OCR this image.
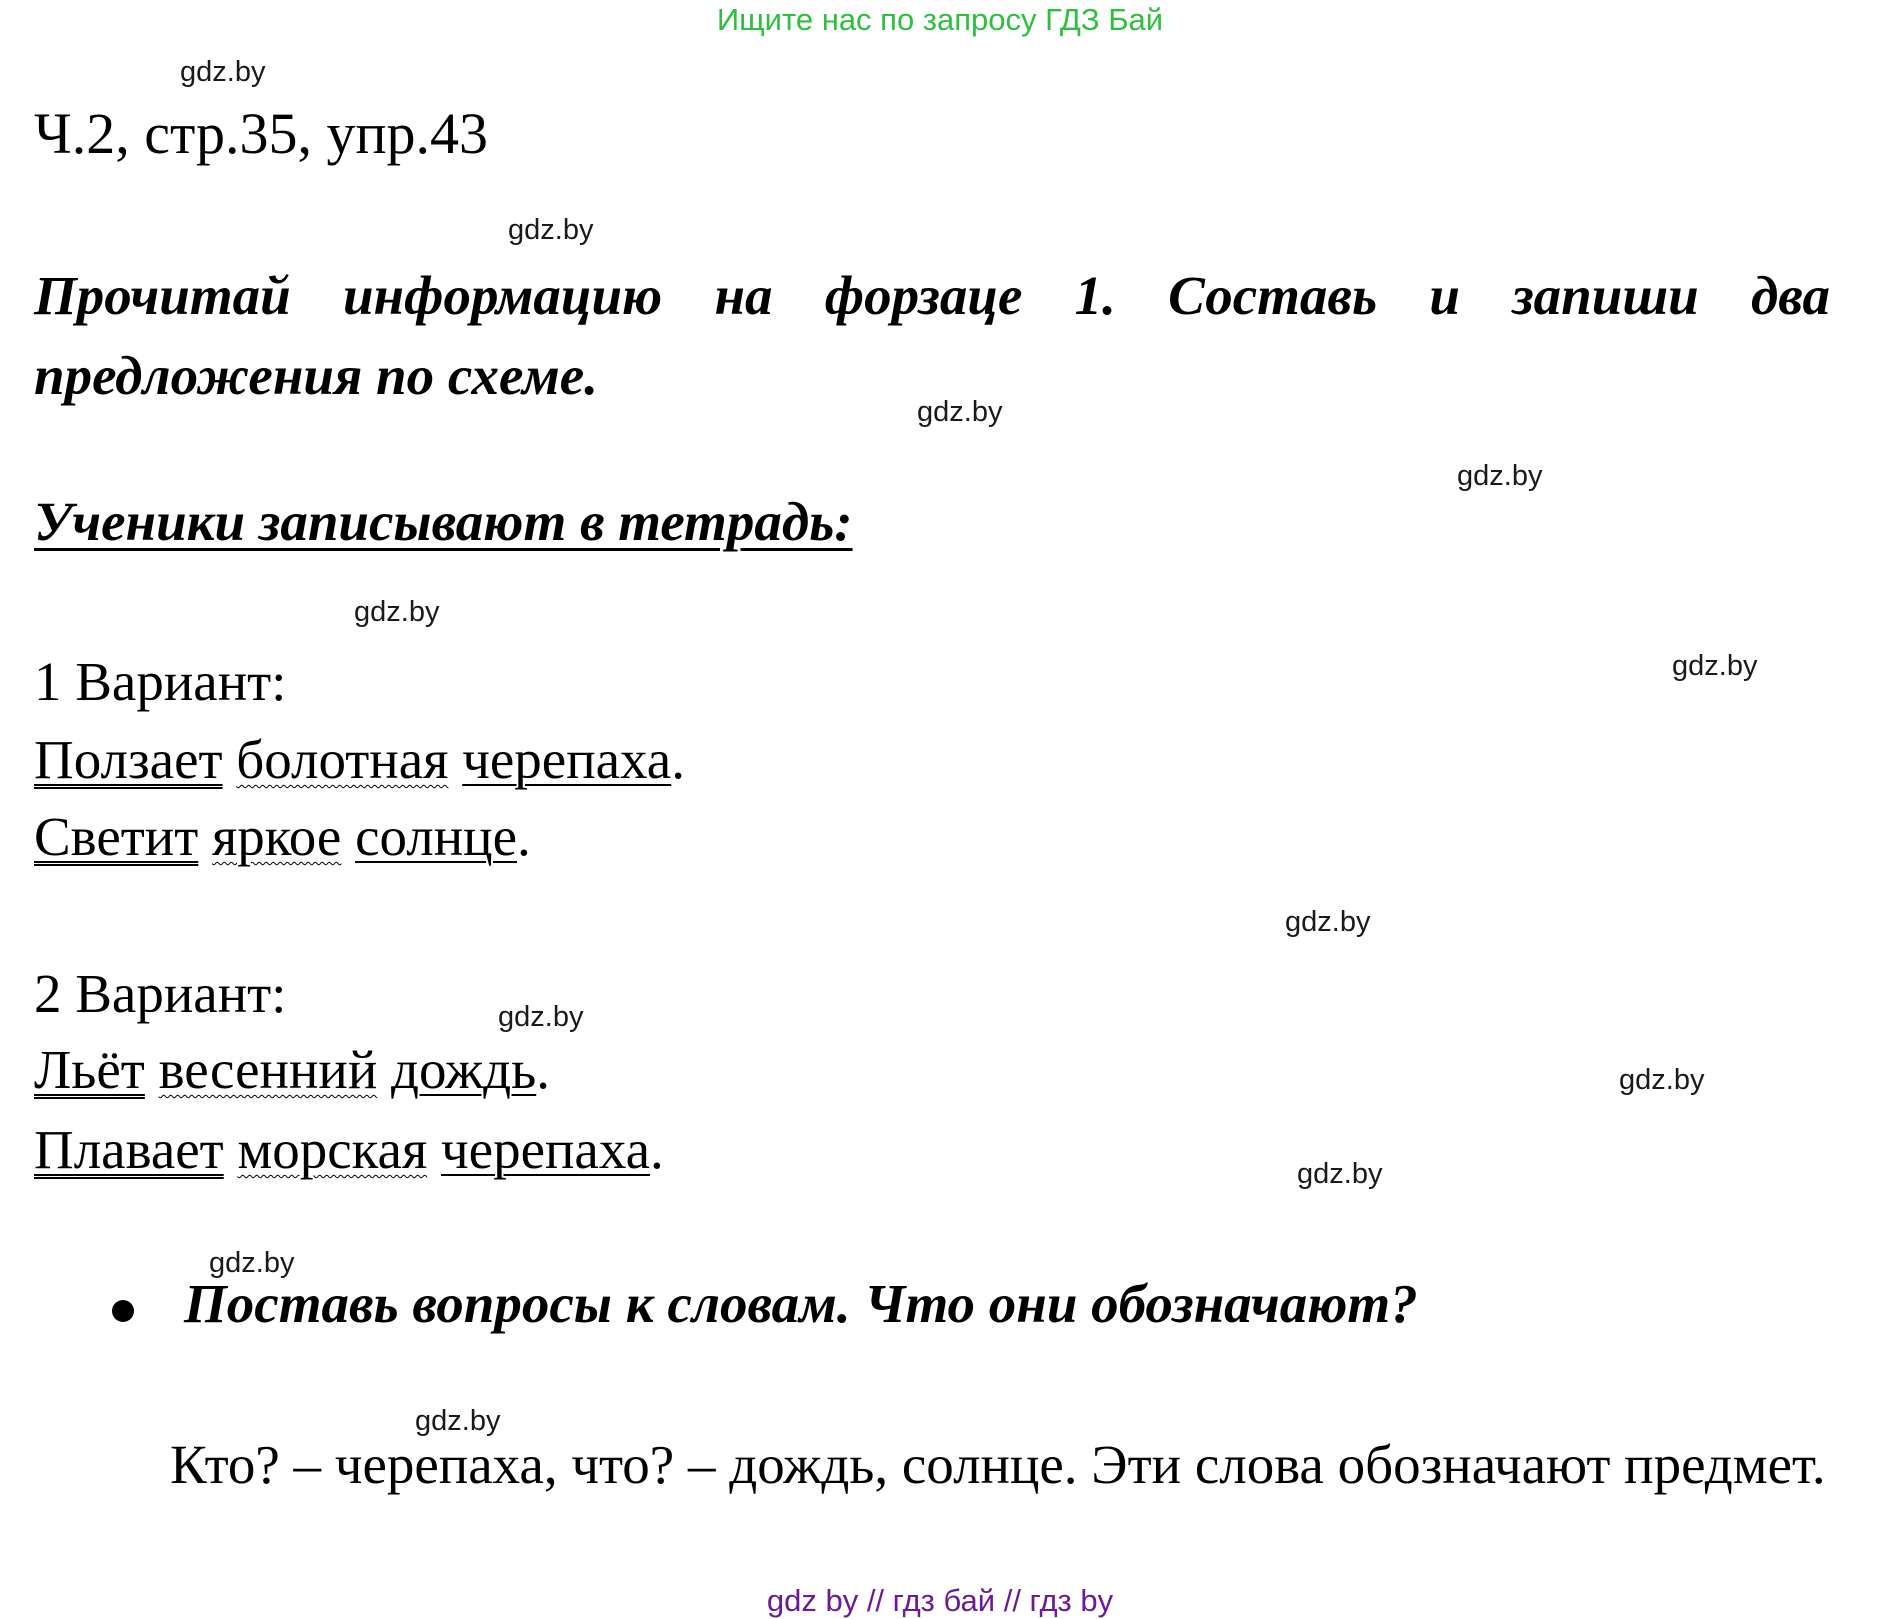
Ищите нас по запросу ГДЗ Бай
gdz.by
Ч.2, стр.35, упр.43
gdz.by
Прочитай информацию на форзаце 1. Составь и запиши два предложения по схеме.
gdz.by
gdz.by
Ученики записывают в тетрадь:
gdz.by
gdz.by
1 Вариант:
Ползает болотная черепаха.
Светит яркое солнце.
gdz.by
2 Вариант:	gdz.by
Льёт весенний дождь.	gdz.by
Плавает морская черепаха.	gdz.by
gdz.by
Поставь вопросы к словам. Что они обозначают?
gdz.by
Кто? – черепаха, что? – дождь, солнце. Эти слова обозначают предмет.
gdz by // гдз бай // гдз by
